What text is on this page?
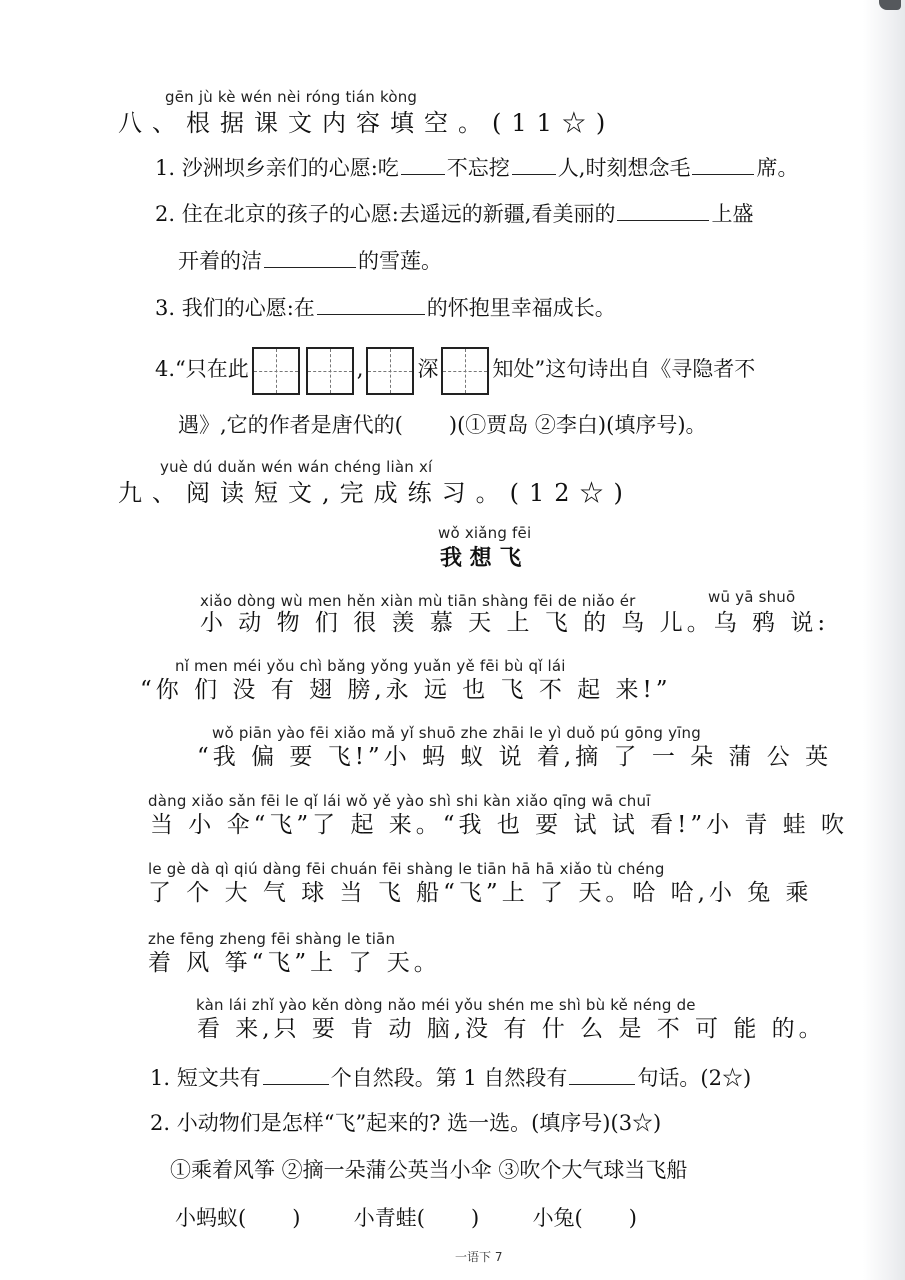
gēn jù kè wén nèi róng tián kòng
八、根据课文内容填空。(11☆)
1. 沙洲坝乡亲们的心愿:吃 不忘挖 人,时刻想念毛	席。
2. 住在北京的孩子的心愿:去遥远的新疆,看美丽的	上盛
开着的洁	的雪莲。
3. 我们的心愿:在	的怀抱里幸福成长。
4.“只在此	,	深	知处”这句诗出自《寻隐者不
遇》,它的作者是唐代的( )(①贾岛 ②李白)(填序号)。
yuè dú duǎn wén wán chéng liàn xí
九、阅读短文,完成练习。(12☆)
wǒ xiǎng fēi
我 想 飞
xiǎo dòng wù men hěn xiàn mù tiān shàng fēi de niǎo ér	wū yā shuō
小 动 物 们 很 羡 慕 天 上 飞 的 鸟 儿。乌 鸦 说:
nǐ men méi yǒu chì bǎng yǒng yuǎn yě fēi bù qǐ lái
“你 们 没 有 翅 膀,永 远 也 飞 不 起 来!”
wǒ piān yào fēi xiǎo mǎ yǐ shuō zhe zhāi le yì duǒ pú gōng yīng
“我 偏 要 飞!”小 蚂 蚁 说 着,摘 了 一 朵 蒲 公 英
dàng xiǎo sǎn fēi le qǐ lái wǒ yě yào shì shi kàn xiǎo qīng wā chuī
当 小 伞“飞”了 起 来。“我 也 要 试 试 看!”小 青 蛙 吹
le gè dà qì qiú dàng fēi chuán fēi shàng le tiān hā hā xiǎo tù chéng
了 个 大 气 球 当 飞 船“飞”上 了 天。哈 哈,小 兔 乘
zhe fēng zheng fēi shàng le tiān
着 风 筝“飞”上 了 天。
kàn lái zhǐ yào kěn dòng nǎo méi yǒu shén me shì bù kě néng de
看 来,只 要 肯 动 脑,没 有 什 么 是 不 可 能 的。
1. 短文共有	个自然段。第 1 自然段有	句话。(2☆)
2. 小动物们是怎样“飞”起来的? 选一选。(填序号)(3☆)
①乘着风筝 ②摘一朵蒲公英当小伞 ③吹个大气球当飞船
小蚂蚁( )	小青蛙( )	小兔( )
一语下 7
